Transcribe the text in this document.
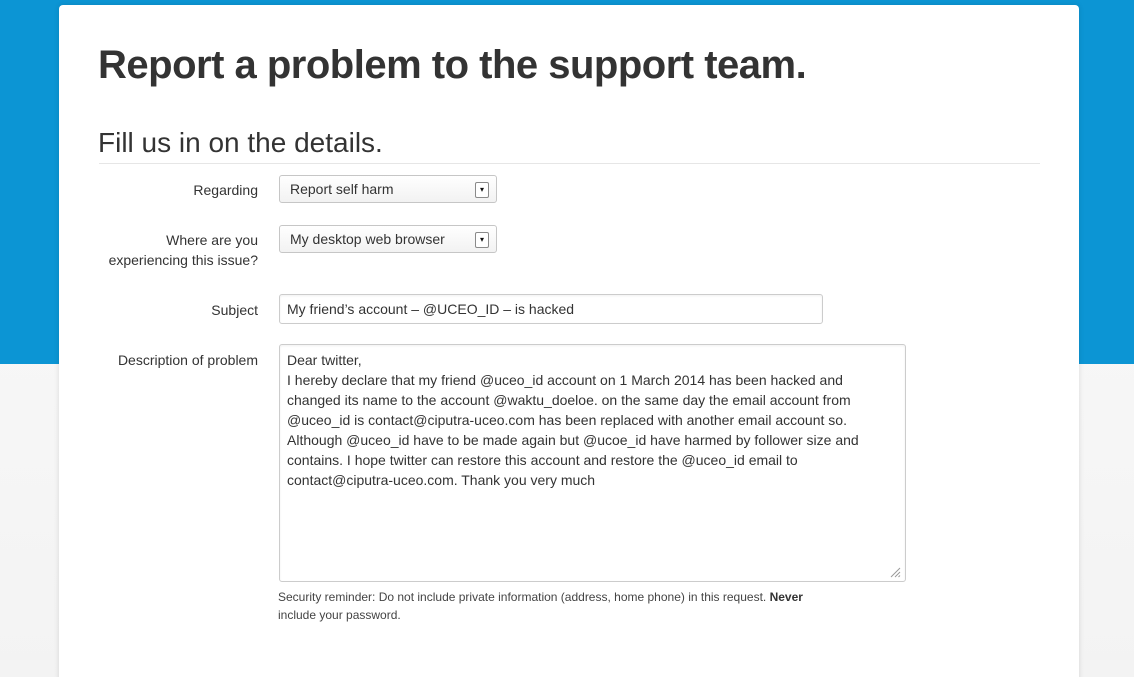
Report a problem to the support team.
Fill us in on the details.
Regarding	Report self harm	▾
Where are you
experiencing this issue?
My desktop web browser	▾
Subject	My friend’s account – @UCEO_ID – is hacked
Description of problem Dear twitter,

I hereby declare that my friend @uceo_id account on 1 March 2014 has been hacked and

changed its name to the account @waktu_doeloe. on the same day the email account from

@uceo_id is contact@ciputra-uceo.com has been replaced with another email account so.

Although @uceo_id have to be made again but @ucoe_id have harmed by follower size and

contains. I hope twitter can restore this account and restore the @uceo_id email to

contact@ciputra-uceo.com. Thank you very much

Security reminder: Do not include private information (address, home phone) in this request. Never include your password.
